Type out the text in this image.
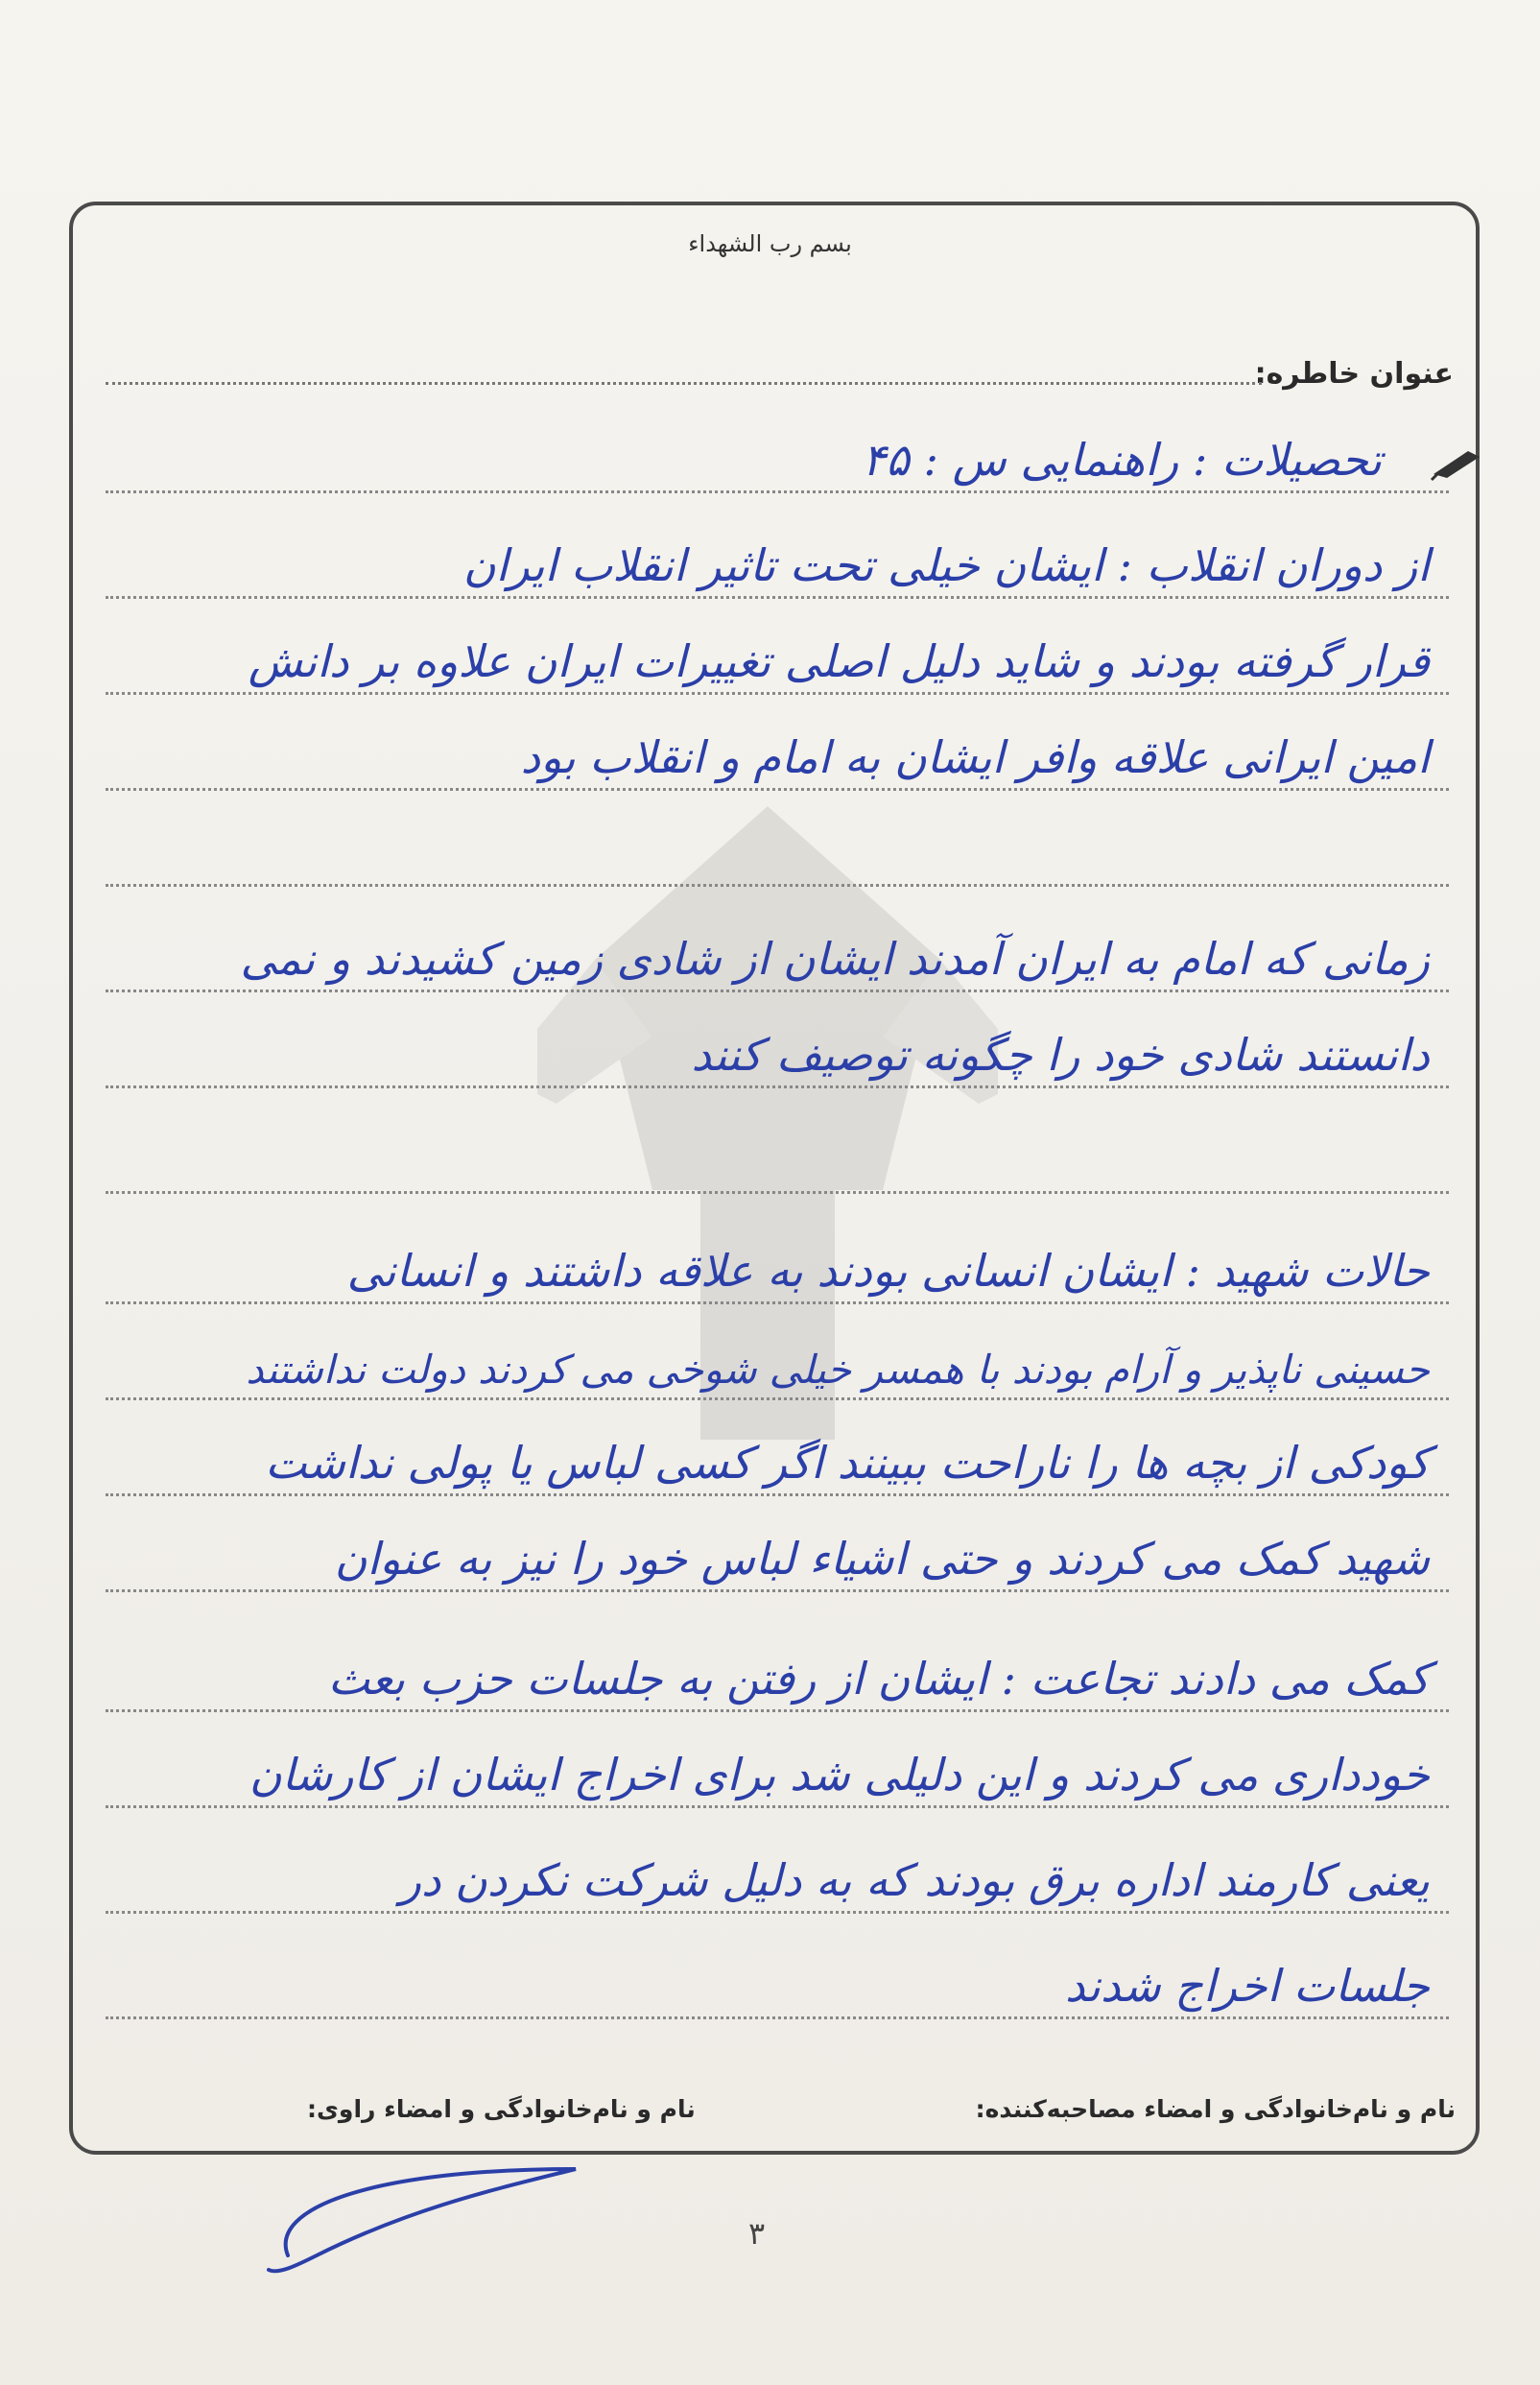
بسم رب الشهداء
عنوان خاطره:
تحصیلات : راهنمایی س : ۴۵
از دوران انقلاب : ایشان خیلی تحت تاثیر انقلاب ایران
قرار گرفته بودند و شاید دلیل اصلی تغییرات ایران علاوه بر دانش
امین ایرانی علاقه وافر ایشان به امام و انقلاب بود
زمانی که امام به ایران آمدند ایشان از شادی زمین کشیدند و نمی
دانستند شادی خود را چگونه توصیف کنند
حالات شهید : ایشان انسانی بودند به علاقه داشتند و انسانی
حسینی ناپذیر و آرام بودند با همسر خیلی شوخی می کردند دولت نداشتند
کودکی از بچه ها را ناراحت ببینند اگر کسی لباس یا پولی نداشت
شهید کمک می کردند و حتی اشیاء لباس خود را نیز به عنوان
کمک می دادند تجاعت : ایشان از رفتن به جلسات حزب بعث
خودداری می کردند و این دلیلی شد برای اخراج ایشان از کارشان
یعنی کارمند اداره برق بودند که به دلیل شرکت نکردن در
جلسات اخراج شدند
نام و نام‌خانوادگی و امضاء مصاحبه‌کننده:
نام و نام‌خانوادگی و امضاء راوی:
۳
